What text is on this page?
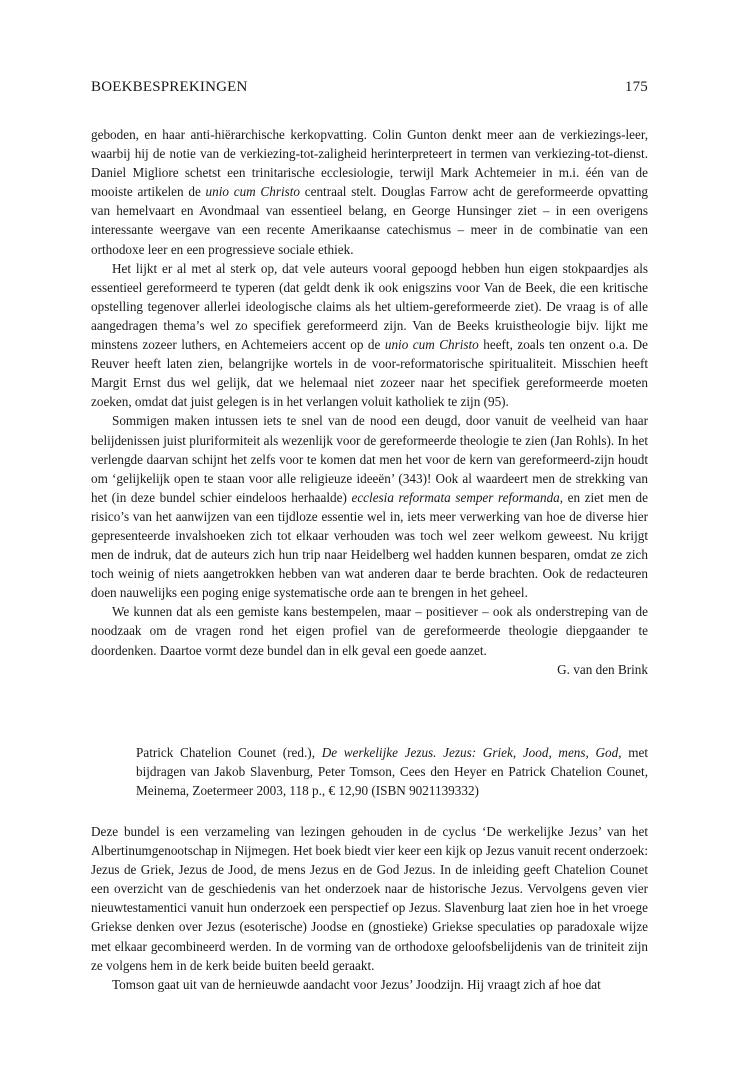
BOEKBESPREKINGEN	175

geboden, en haar anti-hiërarchische kerkopvatting. Colin Gunton denkt meer aan de verkiezings-leer, waarbij hij de notie van de verkiezing-tot-zaligheid herinterpreteert in termen van verkiezing-tot-dienst. Daniel Migliore schetst een trinitarische ecclesiologie, terwijl Mark Achtemeier in m.i. één van de mooiste artikelen de unio cum Christo centraal stelt. Douglas Farrow acht de gereformeerde opvatting van hemelvaart en Avondmaal van essentieel belang, en George Hunsinger ziet – in een overigens interessante weergave van een recente Amerikaanse catechismus – meer in de combinatie van een orthodoxe leer en een progressieve sociale ethiek.

Het lijkt er al met al sterk op, dat vele auteurs vooral gepoogd hebben hun eigen stokpaardjes als essentieel gereformeerd te typeren (dat geldt denk ik ook enigszins voor Van de Beek, die een kritische opstelling tegenover allerlei ideologische claims als het ultiem-gereformeerde ziet). De vraag is of alle aangedragen thema’s wel zo specifiek gereformeerd zijn. Van de Beeks kruistheologie bijv. lijkt me minstens zozeer luthers, en Achtemeiers accent op de unio cum Christo heeft, zoals ten onzent o.a. De Reuver heeft laten zien, belangrijke wortels in de voor-reformatorische spiritualiteit. Misschien heeft Margit Ernst dus wel gelijk, dat we helemaal niet zozeer naar het specifiek gereformeerde moeten zoeken, omdat dat juist gelegen is in het verlangen voluit katholiek te zijn (95).

Sommigen maken intussen iets te snel van de nood een deugd, door vanuit de veelheid van haar belijdenissen juist pluriformiteit als wezenlijk voor de gereformeerde theologie te zien (Jan Rohls). In het verlengde daarvan schijnt het zelfs voor te komen dat men het voor de kern van gereformeerd-zijn houdt om ‘gelijkelijk open te staan voor alle religieuze ideeën’ (343)! Ook al waardeert men de strekking van het (in deze bundel schier eindeloos herhaalde) ecclesia reformata semper reformanda, en ziet men de risico’s van het aanwijzen van een tijdloze essentie wel in, iets meer verwerking van hoe de diverse hier gepresenteerde invalshoeken zich tot elkaar verhouden was toch wel zeer welkom geweest. Nu krijgt men de indruk, dat de auteurs zich hun trip naar Heidelberg wel hadden kunnen besparen, omdat ze zich toch weinig of niets aangetrokken hebben van wat anderen daar te berde brachten. Ook de redacteuren doen nauwelijks een poging enige systematische orde aan te brengen in het geheel.

We kunnen dat als een gemiste kans bestempelen, maar – positiever – ook als onderstreping van de noodzaak om de vragen rond het eigen profiel van de gereformeerde theologie diepgaander te doordenken. Daartoe vormt deze bundel dan in elk geval een goede aanzet.

G. van den Brink

Patrick Chatelion Counet (red.), De werkelijke Jezus. Jezus: Griek, Jood, mens, God, met bijdragen van Jakob Slavenburg, Peter Tomson, Cees den Heyer en Patrick Chatelion Counet, Meinema, Zoetermeer 2003, 118 p., € 12,90 (ISBN 9021139332)

Deze bundel is een verzameling van lezingen gehouden in de cyclus ‘De werkelijke Jezus’ van het Albertinumgenootschap in Nijmegen. Het boek biedt vier keer een kijk op Jezus vanuit recent onderzoek: Jezus de Griek, Jezus de Jood, de mens Jezus en de God Jezus. In de inleiding geeft Chatelion Counet een overzicht van de geschiedenis van het onderzoek naar de historische Jezus. Vervolgens geven vier nieuwtestamentici vanuit hun onderzoek een perspectief op Jezus. Slavenburg laat zien hoe in het vroege Griekse denken over Jezus (esoterische) Joodse en (gnostieke) Griekse speculaties op paradoxale wijze met elkaar gecombineerd werden. In de vorming van de orthodoxe geloofsbelijdenis van de triniteit zijn ze volgens hem in de kerk beide buiten beeld geraakt.

Tomson gaat uit van de hernieuwde aandacht voor Jezus’ Joodzijn. Hij vraagt zich af hoe dat
